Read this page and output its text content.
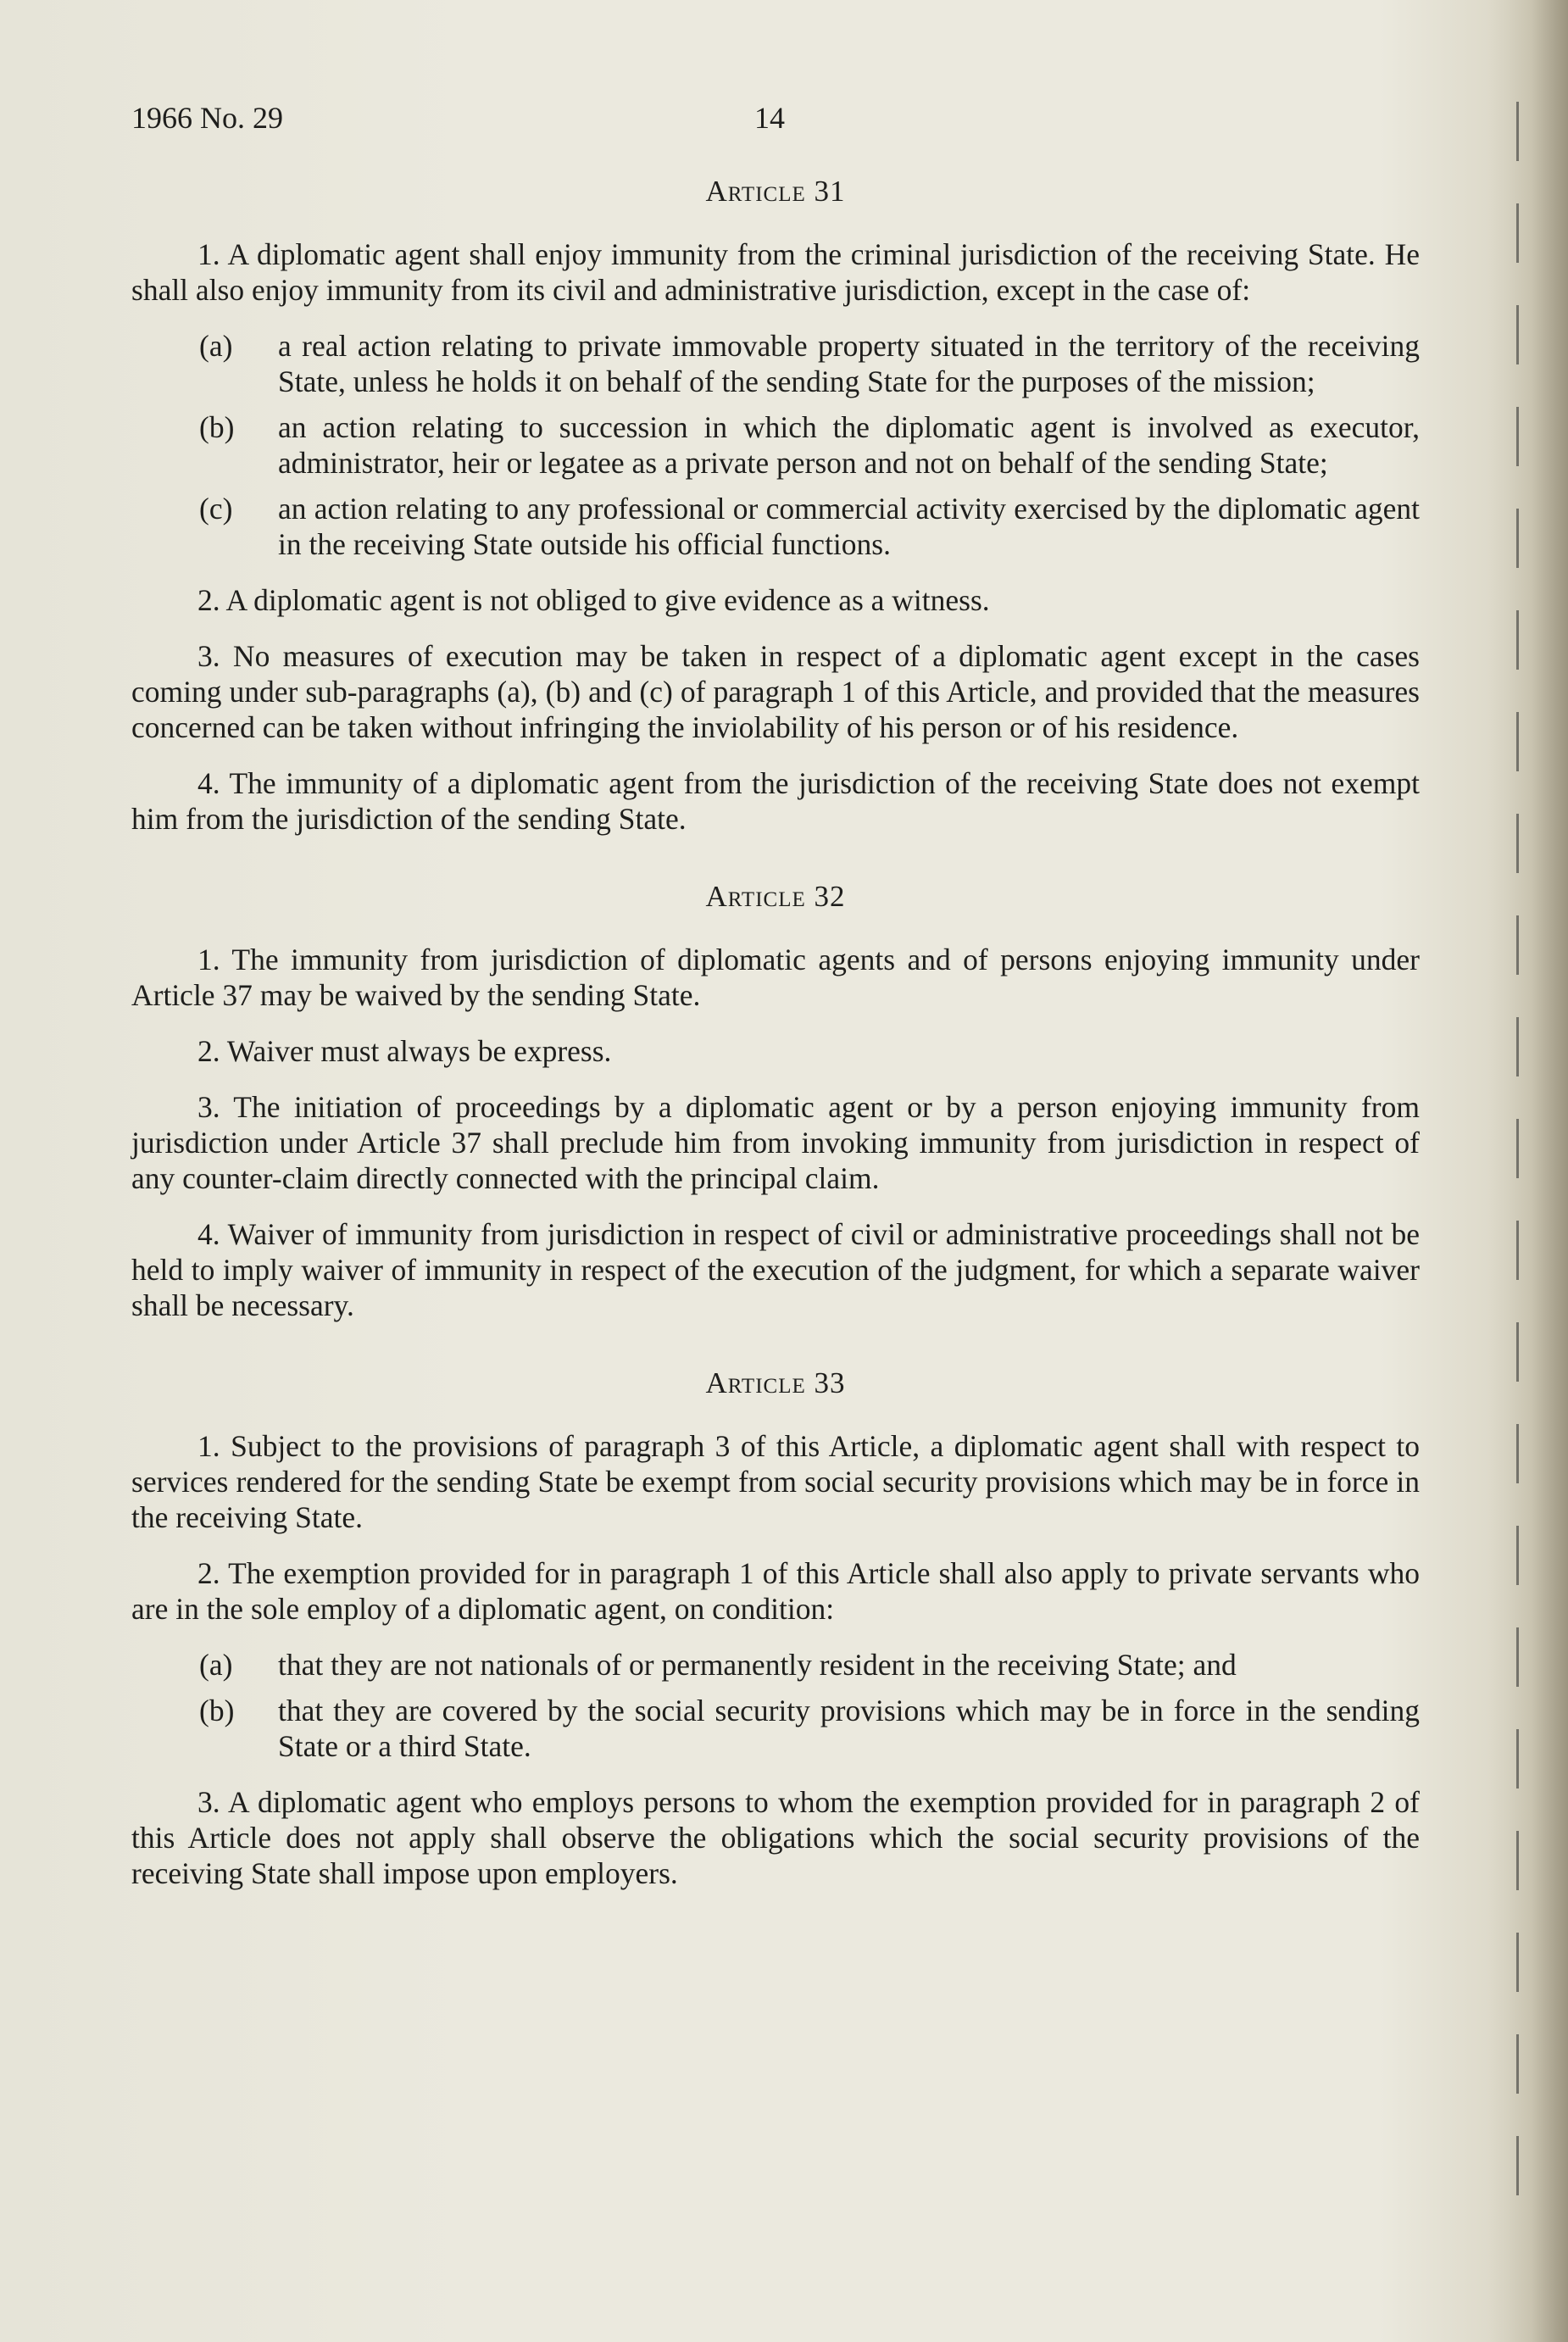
1966 No. 29	14
Article 31

1. A diplomatic agent shall enjoy immunity from the criminal jurisdiction of the receiving State. He shall also enjoy immunity from its civil and administrative jurisdiction, except in the case of:

(a) a real action relating to private immovable property situated in the territory of the receiving State, unless he holds it on behalf of the sending State for the purposes of the mission;
(b) an action relating to succession in which the diplomatic agent is involved as executor, administrator, heir or legatee as a private person and not on behalf of the sending State;
(c) an action relating to any professional or commercial activity exercised by the diplomatic agent in the receiving State outside his official functions.

2. A diplomatic agent is not obliged to give evidence as a witness.

3. No measures of execution may be taken in respect of a diplomatic agent except in the cases coming under sub-paragraphs (a), (b) and (c) of paragraph 1 of this Article, and provided that the measures concerned can be taken without infringing the inviolability of his person or of his residence.

4. The immunity of a diplomatic agent from the jurisdiction of the receiving State does not exempt him from the jurisdiction of the sending State.

Article 32

1. The immunity from jurisdiction of diplomatic agents and of persons enjoying immunity under Article 37 may be waived by the sending State.

2. Waiver must always be express.

3. The initiation of proceedings by a diplomatic agent or by a person enjoying immunity from jurisdiction under Article 37 shall preclude him from invoking immunity from jurisdiction in respect of any counter-claim directly connected with the principal claim.

4. Waiver of immunity from jurisdiction in respect of civil or administrative proceedings shall not be held to imply waiver of immunity in respect of the execution of the judgment, for which a separate waiver shall be necessary.

Article 33

1. Subject to the provisions of paragraph 3 of this Article, a diplomatic agent shall with respect to services rendered for the sending State be exempt from social security provisions which may be in force in the receiving State.

2. The exemption provided for in paragraph 1 of this Article shall also apply to private servants who are in the sole employ of a diplomatic agent, on condition:

(a) that they are not nationals of or permanently resident in the receiving State; and
(b) that they are covered by the social security provisions which may be in force in the sending State or a third State.

3. A diplomatic agent who employs persons to whom the exemption provided for in paragraph 2 of this Article does not apply shall observe the obligations which the social security provisions of the receiving State shall impose upon employers.
